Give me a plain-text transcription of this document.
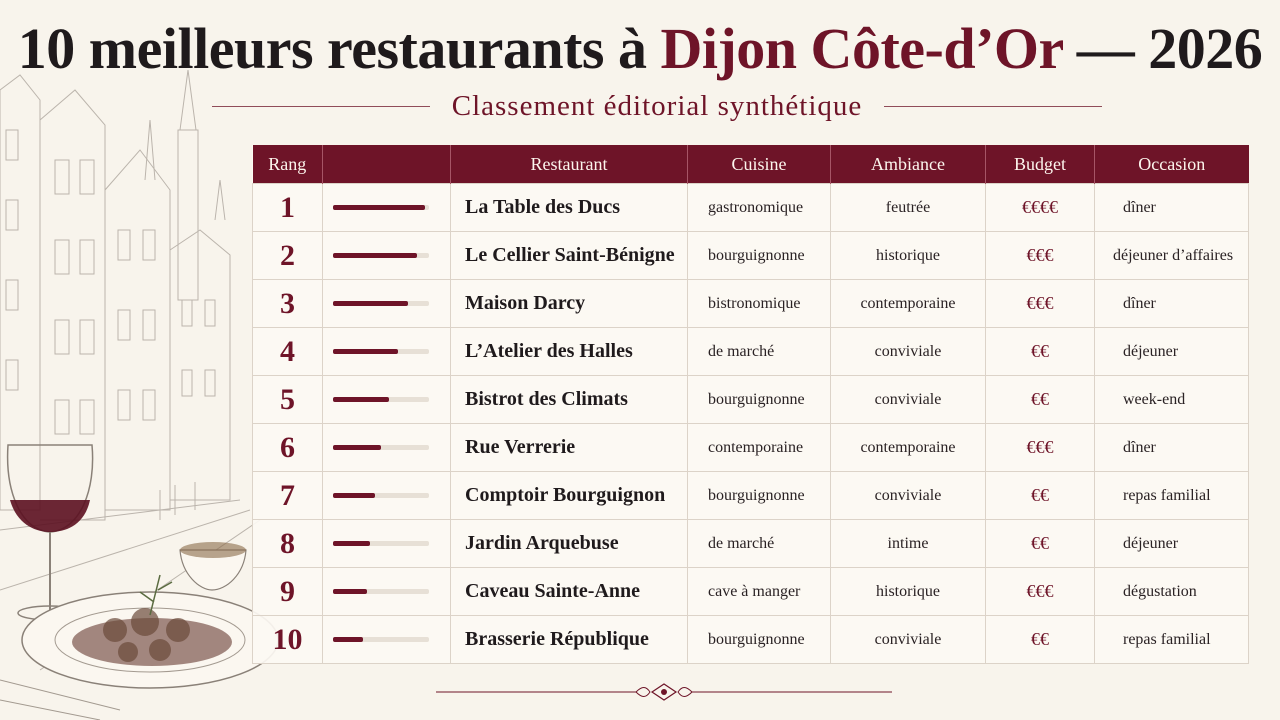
10 meilleurs restaurants à Dijon Côte-d’Or — 2026
Classement éditorial synthétique
Rang		Restaurant	Cuisine	Ambiance	Budget	Occasion
1		La Table des Ducs	gastronomique	feutrée	€€€€	dîner
2		Le Cellier Saint-Bénigne	bourguignonne	historique	€€€	déjeuner d’affaires
3		Maison Darcy	bistronomique	contemporaine	€€€	dîner
4		L’Atelier des Halles	de marché	conviviale	€€	déjeuner
5		Bistrot des Climats	bourguignonne	conviviale	€€	week-end
6		Rue Verrerie	contemporaine	contemporaine	€€€	dîner
7		Comptoir Bourguignon	bourguignonne	conviviale	€€	repas familial
8		Jardin Arquebuse	de marché	intime	€€	déjeuner
9		Caveau Sainte-Anne	cave à manger	historique	€€€	dégustation
10		Brasserie République	bourguignonne	conviviale	€€	repas familial
